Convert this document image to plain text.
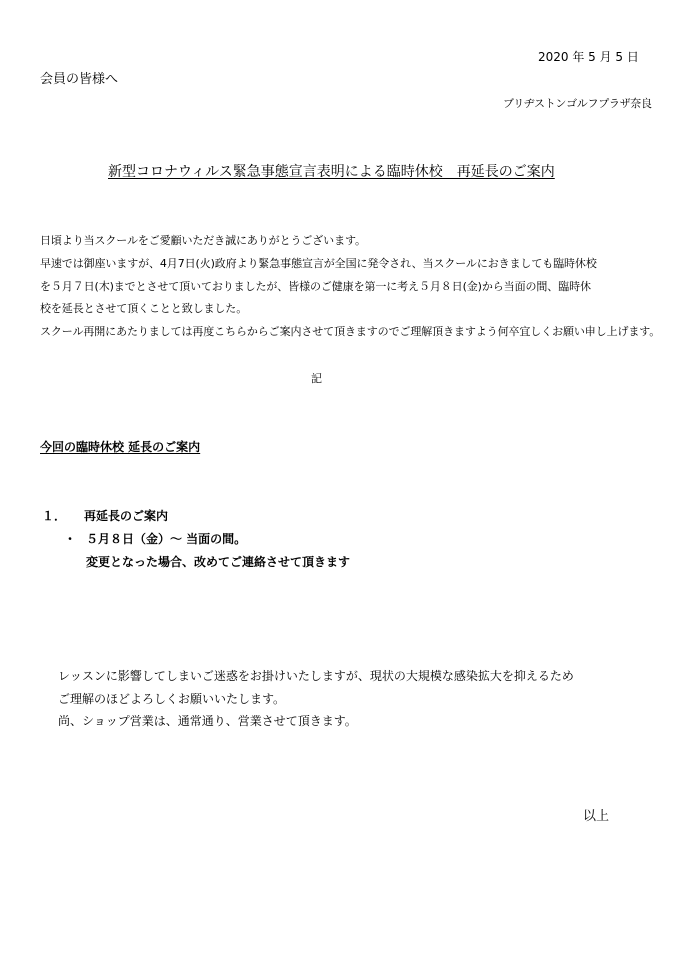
2020 年 5 月 5 日
会員の皆様へ
ブリヂストンゴルフプラザ奈良
新型コロナウィルス緊急事態宣言表明による臨時休校　再延長のご案内
日頃より当スクールをご愛顧いただき誠にありがとうございます。
早速では御座いますが、4月7日(火)政府より緊急事態宣言が全国に発令され、当スクールにおきましても臨時休校
を５月７日(木)までとさせて頂いておりましたが、皆様のご健康を第一に考え５月８日(金)から当面の間、臨時休
校を延長とさせて頂くことと致しました。
スクール再開にあたりましては再度こちらからご案内させて頂きますのでご理解頂きますよう何卒宜しくお願い申し上げます。
記
今回の臨時休校 延長のご案内
１． 再延長のご案内
・ ５月８日（金）～ 当面の間。
変更となった場合、改めてご連絡させて頂きます
レッスンに影響してしまいご迷惑をお掛けいたしますが、現状の大規模な感染拡大を抑えるため
ご理解のほどよろしくお願いいたします。
尚、ショップ営業は、通常通り、営業させて頂きます。
以上
